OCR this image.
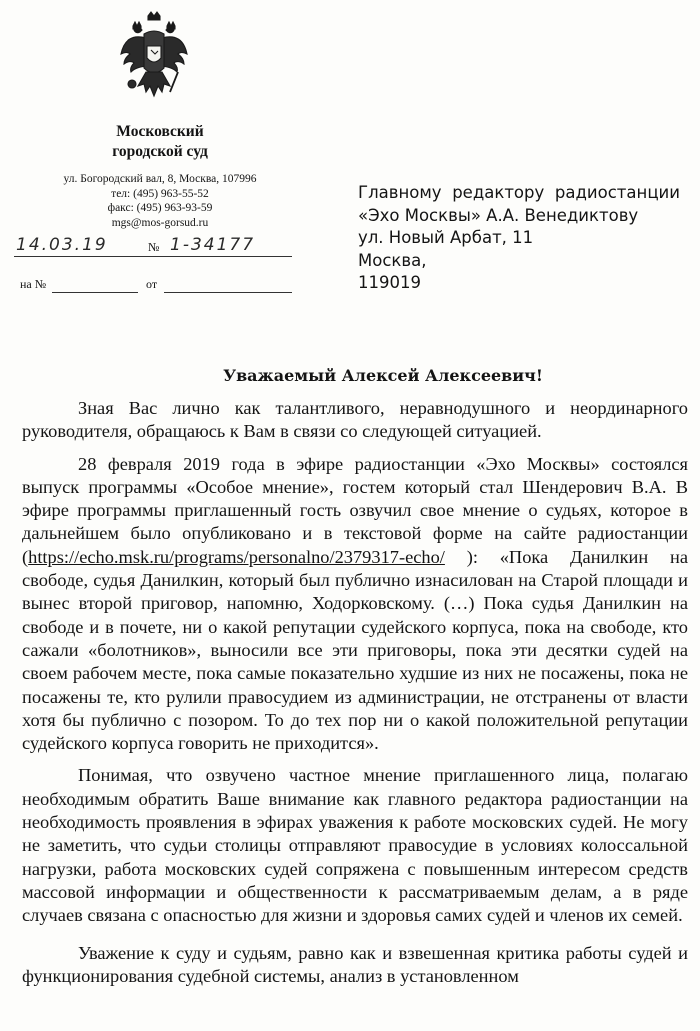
Московский
городской суд
ул. Богородский вал, 8, Москва, 107996
тел: (495) 963-55-52
факс: (495) 963-93-59
mgs@mos-gorsud.ru
14.03.19	№ 1-34177
на №	от
Главному редактору радиостанции
«Эхо Москвы» А.А. Венедиктову
ул. Новый Арбат, 11
Москва,
119019
Уважаемый Алексей Алексеевич!

Зная Вас лично как талантливого, неравнодушного и неординарного руководителя, обращаюсь к Вам в связи со следующей ситуацией.

28 февраля 2019 года в эфире радиостанции «Эхо Москвы» состоялся выпуск программы «Особое мнение», гостем который стал Шендерович В.А. В эфире программы приглашенный гость озвучил свое мнение о судьях, которое в дальнейшем было опубликовано и в текстовой форме на сайте радиостанции (https://echo.msk.ru/programs/personalno/2379317-echo/ ): «Пока Данилкин на свободе, судья Данилкин, который был публично изнасилован на Старой площади и вынес второй приговор, напомню, Ходорковскому. (…) Пока судья Данилкин на свободе и в почете, ни о какой репутации судейского корпуса, пока на свободе, кто сажали «болотников», выносили все эти приговоры, пока эти десятки судей на своем рабочем месте, пока самые показательно худшие из них не посажены, пока не посажены те, кто рулили правосудием из администрации, не отстранены от власти хотя бы публично с позором. То до тех пор ни о какой положительной репутации судейского корпуса говорить не приходится».

Понимая, что озвучено частное мнение приглашенного лица, полагаю необходимым обратить Ваше внимание как главного редактора радиостанции на необходимость проявления в эфирах уважения к работе московских судей. Не могу не заметить, что судьи столицы отправляют правосудие в условиях колоссальной нагрузки, работа московских судей сопряжена с повышенным интересом средств массовой информации и общественности к рассматриваемым делам, а в ряде случаев связана с опасностью для жизни и здоровья самих судей и членов их семей.

Уважение к суду и судьям, равно как и взвешенная критика работы судей и функционирования судебной системы, анализ в установленном
